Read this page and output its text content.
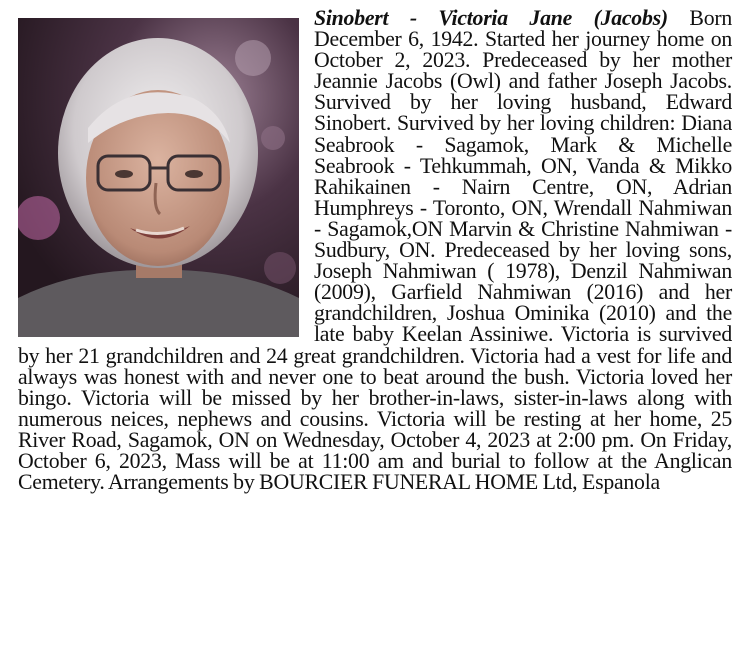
Sinobert - Victoria Jane (Jacobs) Born December 6, 1942. Started her journey home on October 2, 2023. Predeceased by her mother Jeannie Jacobs (Owl) and father Joseph Jacobs. Survived by her loving husband, Edward Sinobert. Survived by her loving children: Diana Seabrook - Sagamok, Mark & Michelle Seabrook - Tehkummah, ON, Vanda & Mikko Rahikainen - Nairn Centre, ON, Adrian Humphreys - Toronto, ON, Wrendall Nahmiwan - Sagamok,ON Marvin & Christine Nahmiwan - Sudbury, ON. Predeceased by her loving sons, Joseph Nahmiwan ( 1978), Denzil Nahmiwan (2009), Garfield Nahmiwan (2016) and her grandchildren, Joshua Ominika (2010) and the late baby Keelan Assiniwe. Victoria is survived by her 21 grandchildren and 24 great grandchildren. Victoria had a vest for life and always was honest with and never one to beat around the bush. Victoria loved her bingo. Victoria will be missed by her brother-in-laws, sister-in-laws along with numerous neices, nephews and cousins. Victoria will be resting at her home, 25 River Road, Sagamok, ON on Wednesday, October 4, 2023 at 2:00 pm. On Friday, October 6, 2023, Mass will be at 11:00 am and burial to follow at the Anglican Cemetery. Arrangements by BOURCIER FUNERAL HOME Ltd, Espanola
